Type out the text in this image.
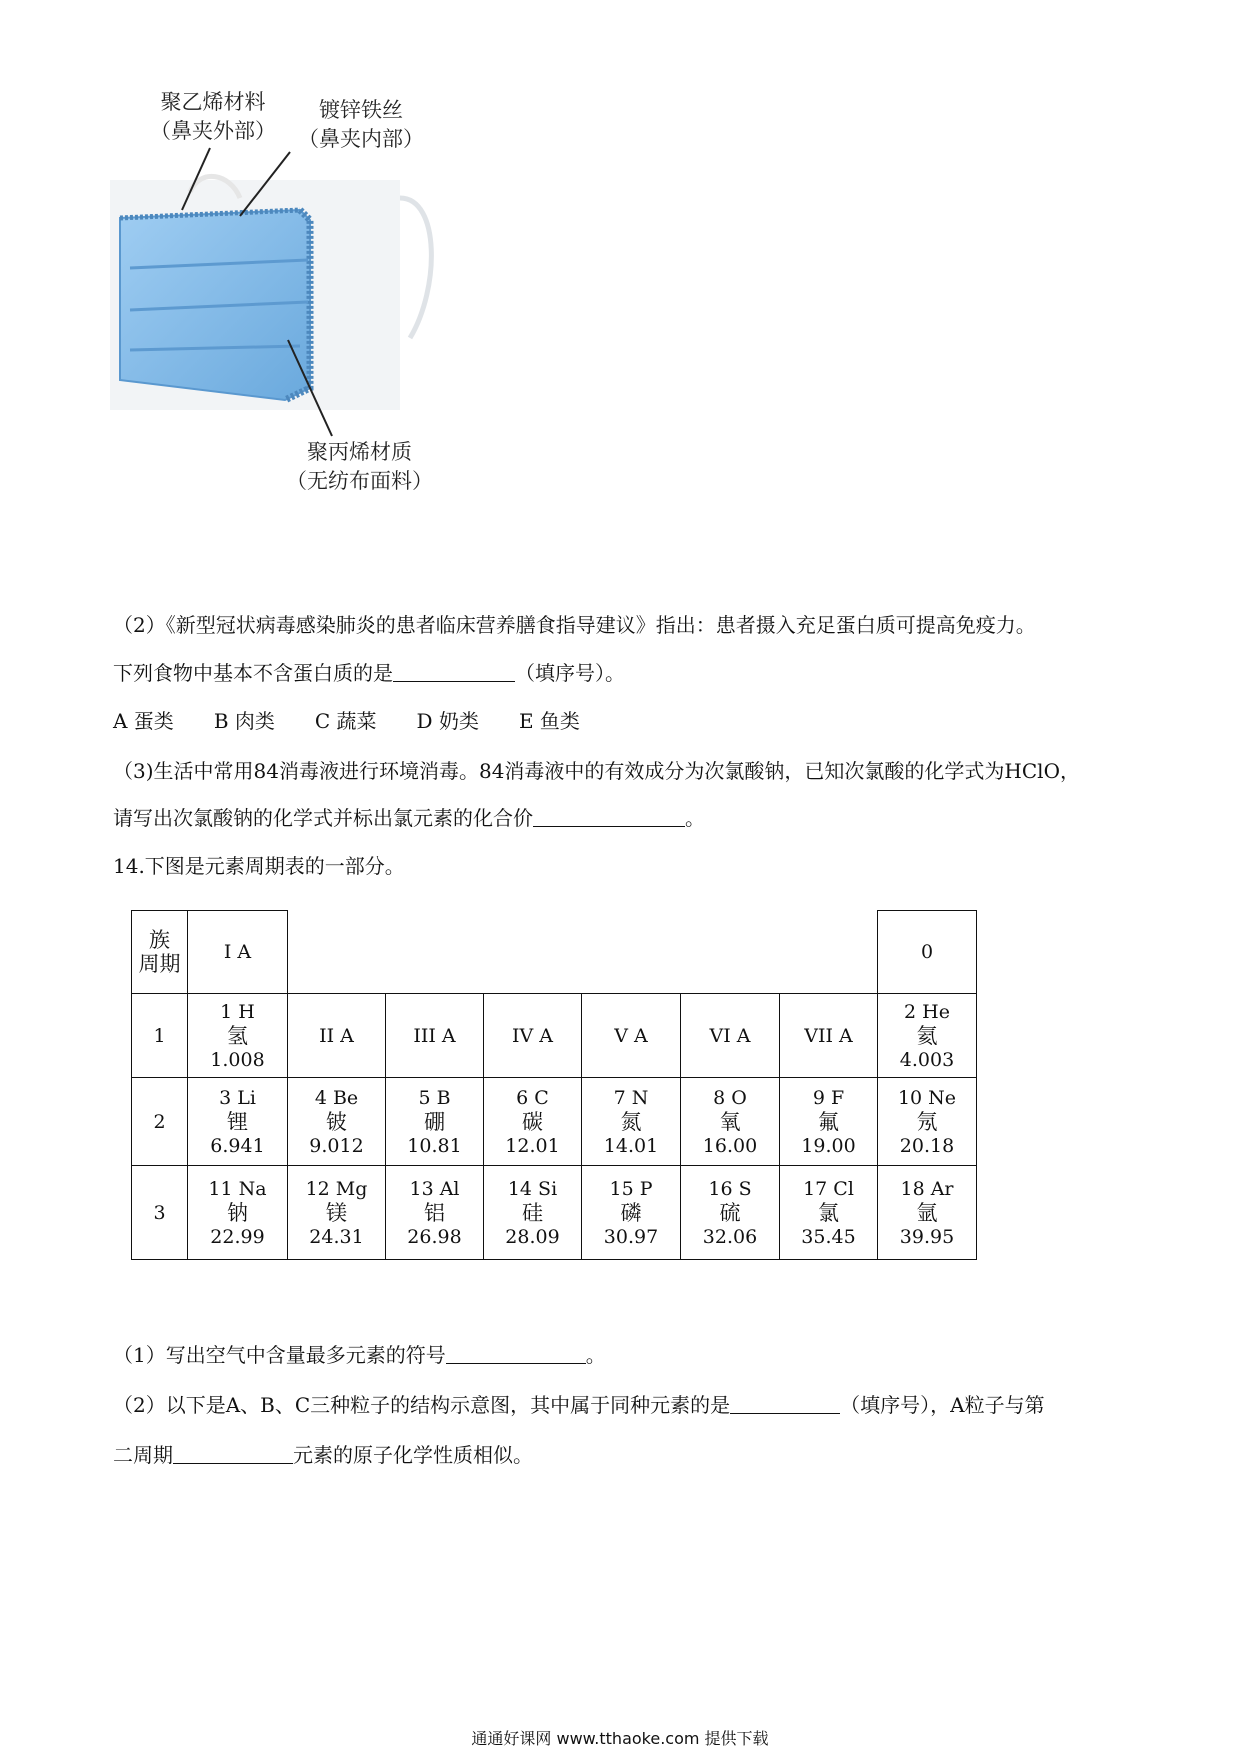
聚乙烯材料
（鼻夹外部）
镀锌铁丝
（鼻夹内部）
聚丙烯材质
（无纺布面料）
（2）《新型冠状病毒感染肺炎的患者临床营养膳食指导建议》指出：患者摄入充足蛋白质可提高免疫力。
下列食物中基本不含蛋白质的是	（填序号）。
A 蛋类 B 肉类 C 蔬菜 D 奶类 E 鱼类
（3)生活中常用84消毒液进行环境消毒。84消毒液中的有效成分为次氯酸钠，已知次氯酸的化学式为HClO，
请写出次氯酸钠的化学式并标出氯元素的化合价	。
14.下图是元素周期表的一部分。
族
周期	I A							0
1	1 H
氢
1.008	II A	III A	IV A	V A	VI A	VII A	2 He
氦
4.003

2	3 Li
锂
6.941	4 Be
铍
9.012	5 B
硼
10.81	6 C
碳
12.01	7 N
氮
14.01	8 O
氧
16.00	9 F
氟
19.00	10 Ne
氖
20.18

3	11 Na
钠
22.99	12 Mg
镁
24.31	13 Al
铝
26.98	14 Si
硅
28.09	15 P
磷
30.97	16 S
硫
32.06	17 Cl
氯
35.45	18 Ar
氩
39.95
（1）写出空气中含量最多元素的符号	。
（2）以下是A、B、C三种粒子的结构示意图，其中属于同种元素的是	（填序号），A粒子与第
二周期	元素的原子化学性质相似。
通通好课网 www.tthaoke.com 提供下载
